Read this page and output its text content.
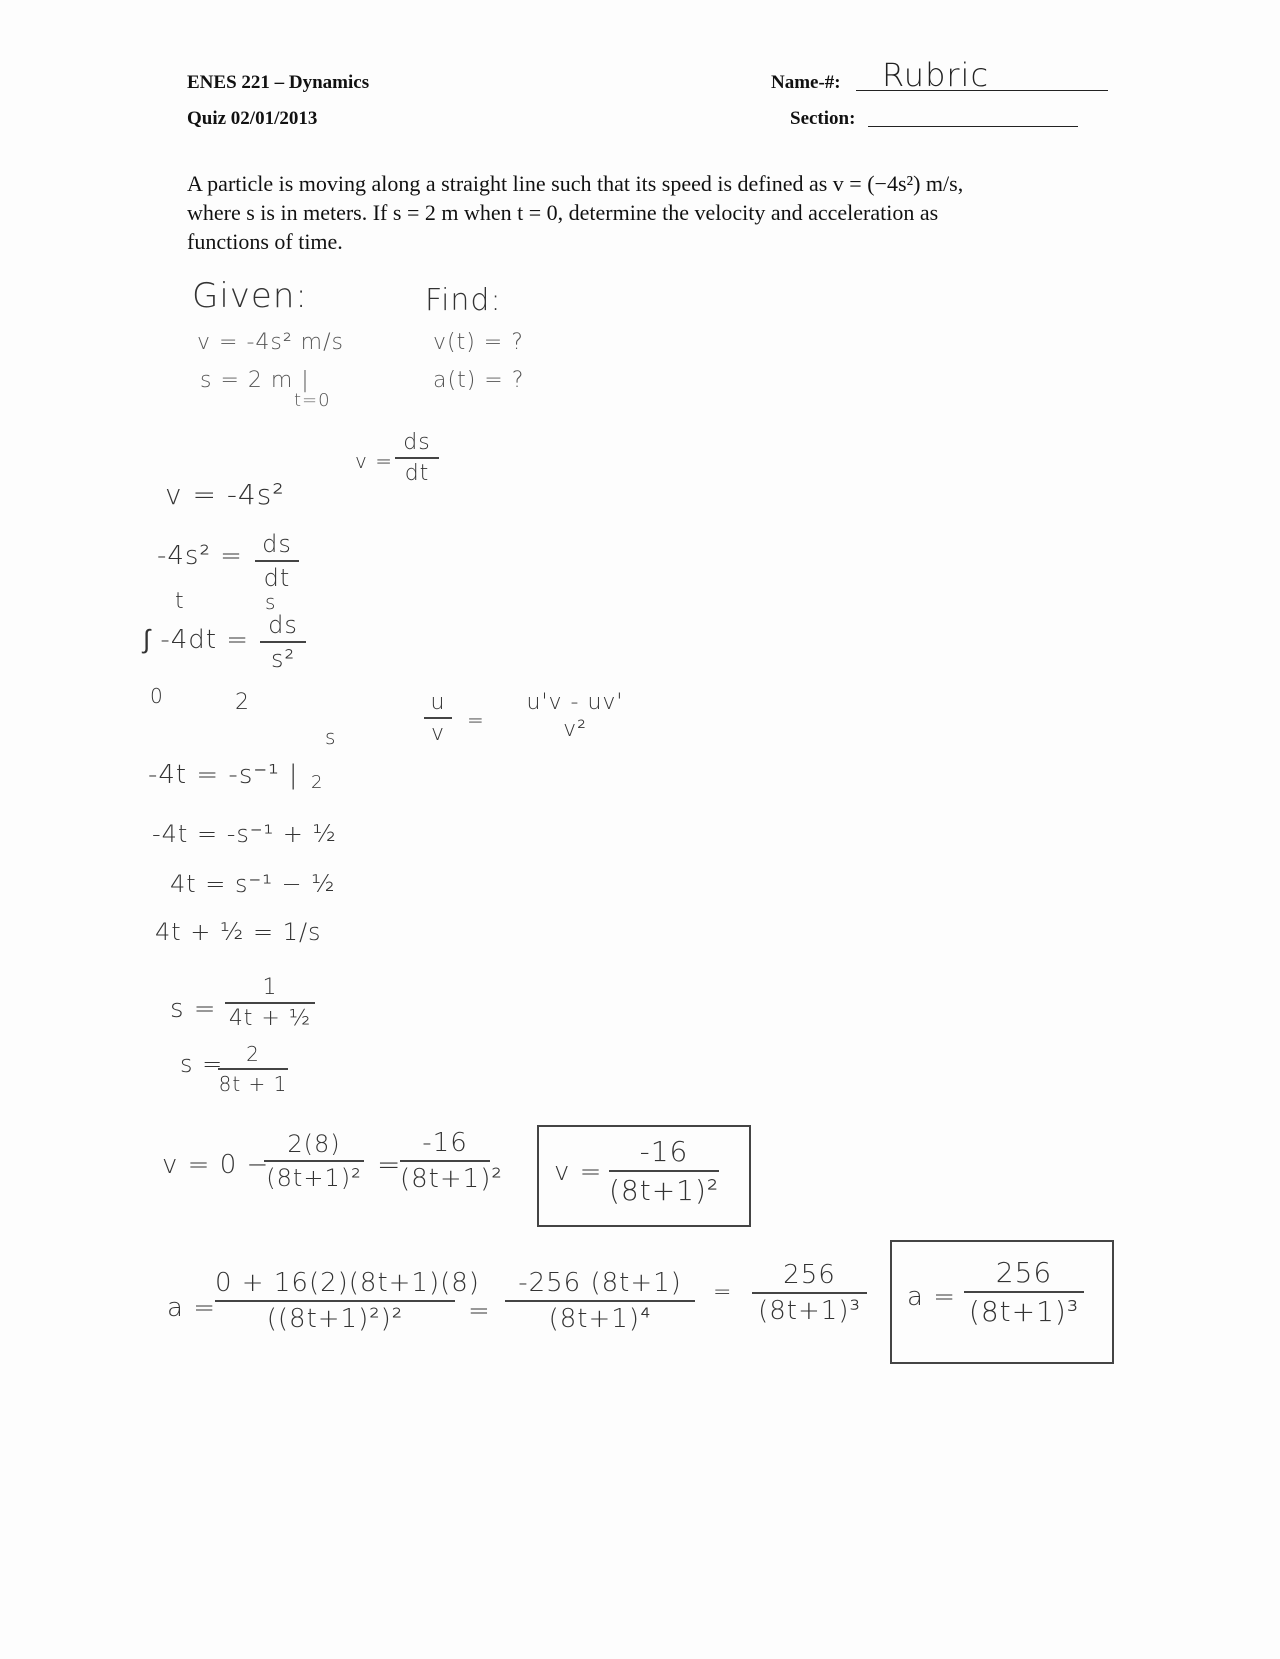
ENES 221 – Dynamics
Quiz 02/01/2013
Name-#: Rubric
Section:
A particle is moving along a straight line such that its speed is defined as v = (−4s²) m/s,
where s is in meters. If s = 2 m when t = 0, determine the velocity and acceleration as
functions of time.
Given:
v = -4s² m/s
s = 2 m |
t=0
Find:
v(t) = ?
a(t) = ?
v =
ds
dt
v = -4s²
-4s² = ds
dt
t
∫ -4dt =
0
s
2
ds
s²
u
v
=
u'v - uv'
v²
-4t = -s⁻¹ |
s
2
-4t = -s⁻¹ + ½
4t = s⁻¹ − ½
4t + ½ = 1/s
s =
1
4t + ½
s =	2
8t + 1
v = 0 −
2(8)
(8t+1)² =
-16
(8t+1)² v =
-16
(8t+1)²
a =
0 + 16(2)(8t+1)(8)
((8t+1)²)²	=
-256 (8t+1)
(8t+1)⁴
=
256
(8t+1)³ a =
256
(8t+1)³
